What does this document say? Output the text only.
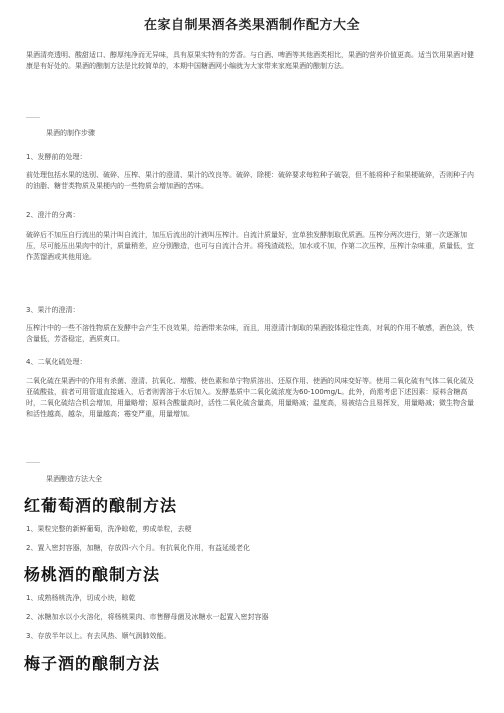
在家自制果酒各类果酒制作配方大全

果酒清亮透明、酸甜适口、醇厚纯净而无异味，具有原果实特有的芳香。与白酒、啤酒等其他酒类相比，果酒的营养价值更高。适当饮用果酒对健康是有好处的。果酒的酿制方法是比较简单的，本期中国糖酒网小编就为大家带来家庭果酒的酿制方法。

果酒的制作步骤
1、发酵前的处理：

前处理包括水果的选别、破碎、压榨、果汁的澄清、果汁的改良等。破碎、除梗：破碎要求每粒种子破裂，但不能将种子和果梗破碎，否则种子内的油脂、糖苷类物质及果梗内的一些物质会增加酒的苦味。

2、澄汁的分离：

破碎后不加压自行流出的果汁叫自流汁，加压后流出的汁液叫压榨汁。自流汁质量好，宜单独发酵制取优质酒。压榨分两次进行，第一次逐渐加压，尽可能压出果肉中的汁，质量稍差，应分别酿造，也可与自流汁合并。将残渣疏松，加水或不加，作第二次压榨，压榨汁杂味重，质量低，宜作蒸馏酒或其他用途。

3、果汁的澄清：

压榨汁中的一些不溶性物质在发酵中会产生不良效果，给酒带来杂味，而且，用澄清汁制取的果酒胶体稳定性高，对氧的作用不敏感，酒色淡，铁含量低，芳香稳定，酒质爽口。

4、二氧化硫处理：

二氧化硫在果酒中的作用有杀菌、澄清、抗氧化、增酸、使色素和单宁物质溶出、还原作用、使酒的风味变好等。使用二氧化硫有气体二氧化硫及亚硫酸盐，前者可用管道直接通入，后者则需溶于水后加入。发酵基质中二氧化硫浓度为60-100mg/L。此外，尚需考虑下述因素：原料含糖高时，二氧化硫结合机会增加，用量略增；原料含酸量高时，活性二氧化硫含量高，用量略减；温度高，易被结合且易挥发，用量略减；微生物含量和活性越高，越杂，用量越高；霉变严重，用量增加。

果酒酿造方法大全
红葡萄酒的酿制方法
1、果粒完整的新鲜葡萄，洗净晾乾，剪成单粒，去梗
2、置入密封容器，加糖，存放四-六个月。有抗氧化作用，有益延缓老化
杨桃酒的酿制方法
1、成熟杨桃洗净，切成小块，晾乾
2、冰糖加水以小火溶化，将杨桃果肉、市售酵母菌及冰糖水一起置入密封容器
3、存放半年以上。有去风热、顺气润肺效能。
梅子酒的酿制方法
